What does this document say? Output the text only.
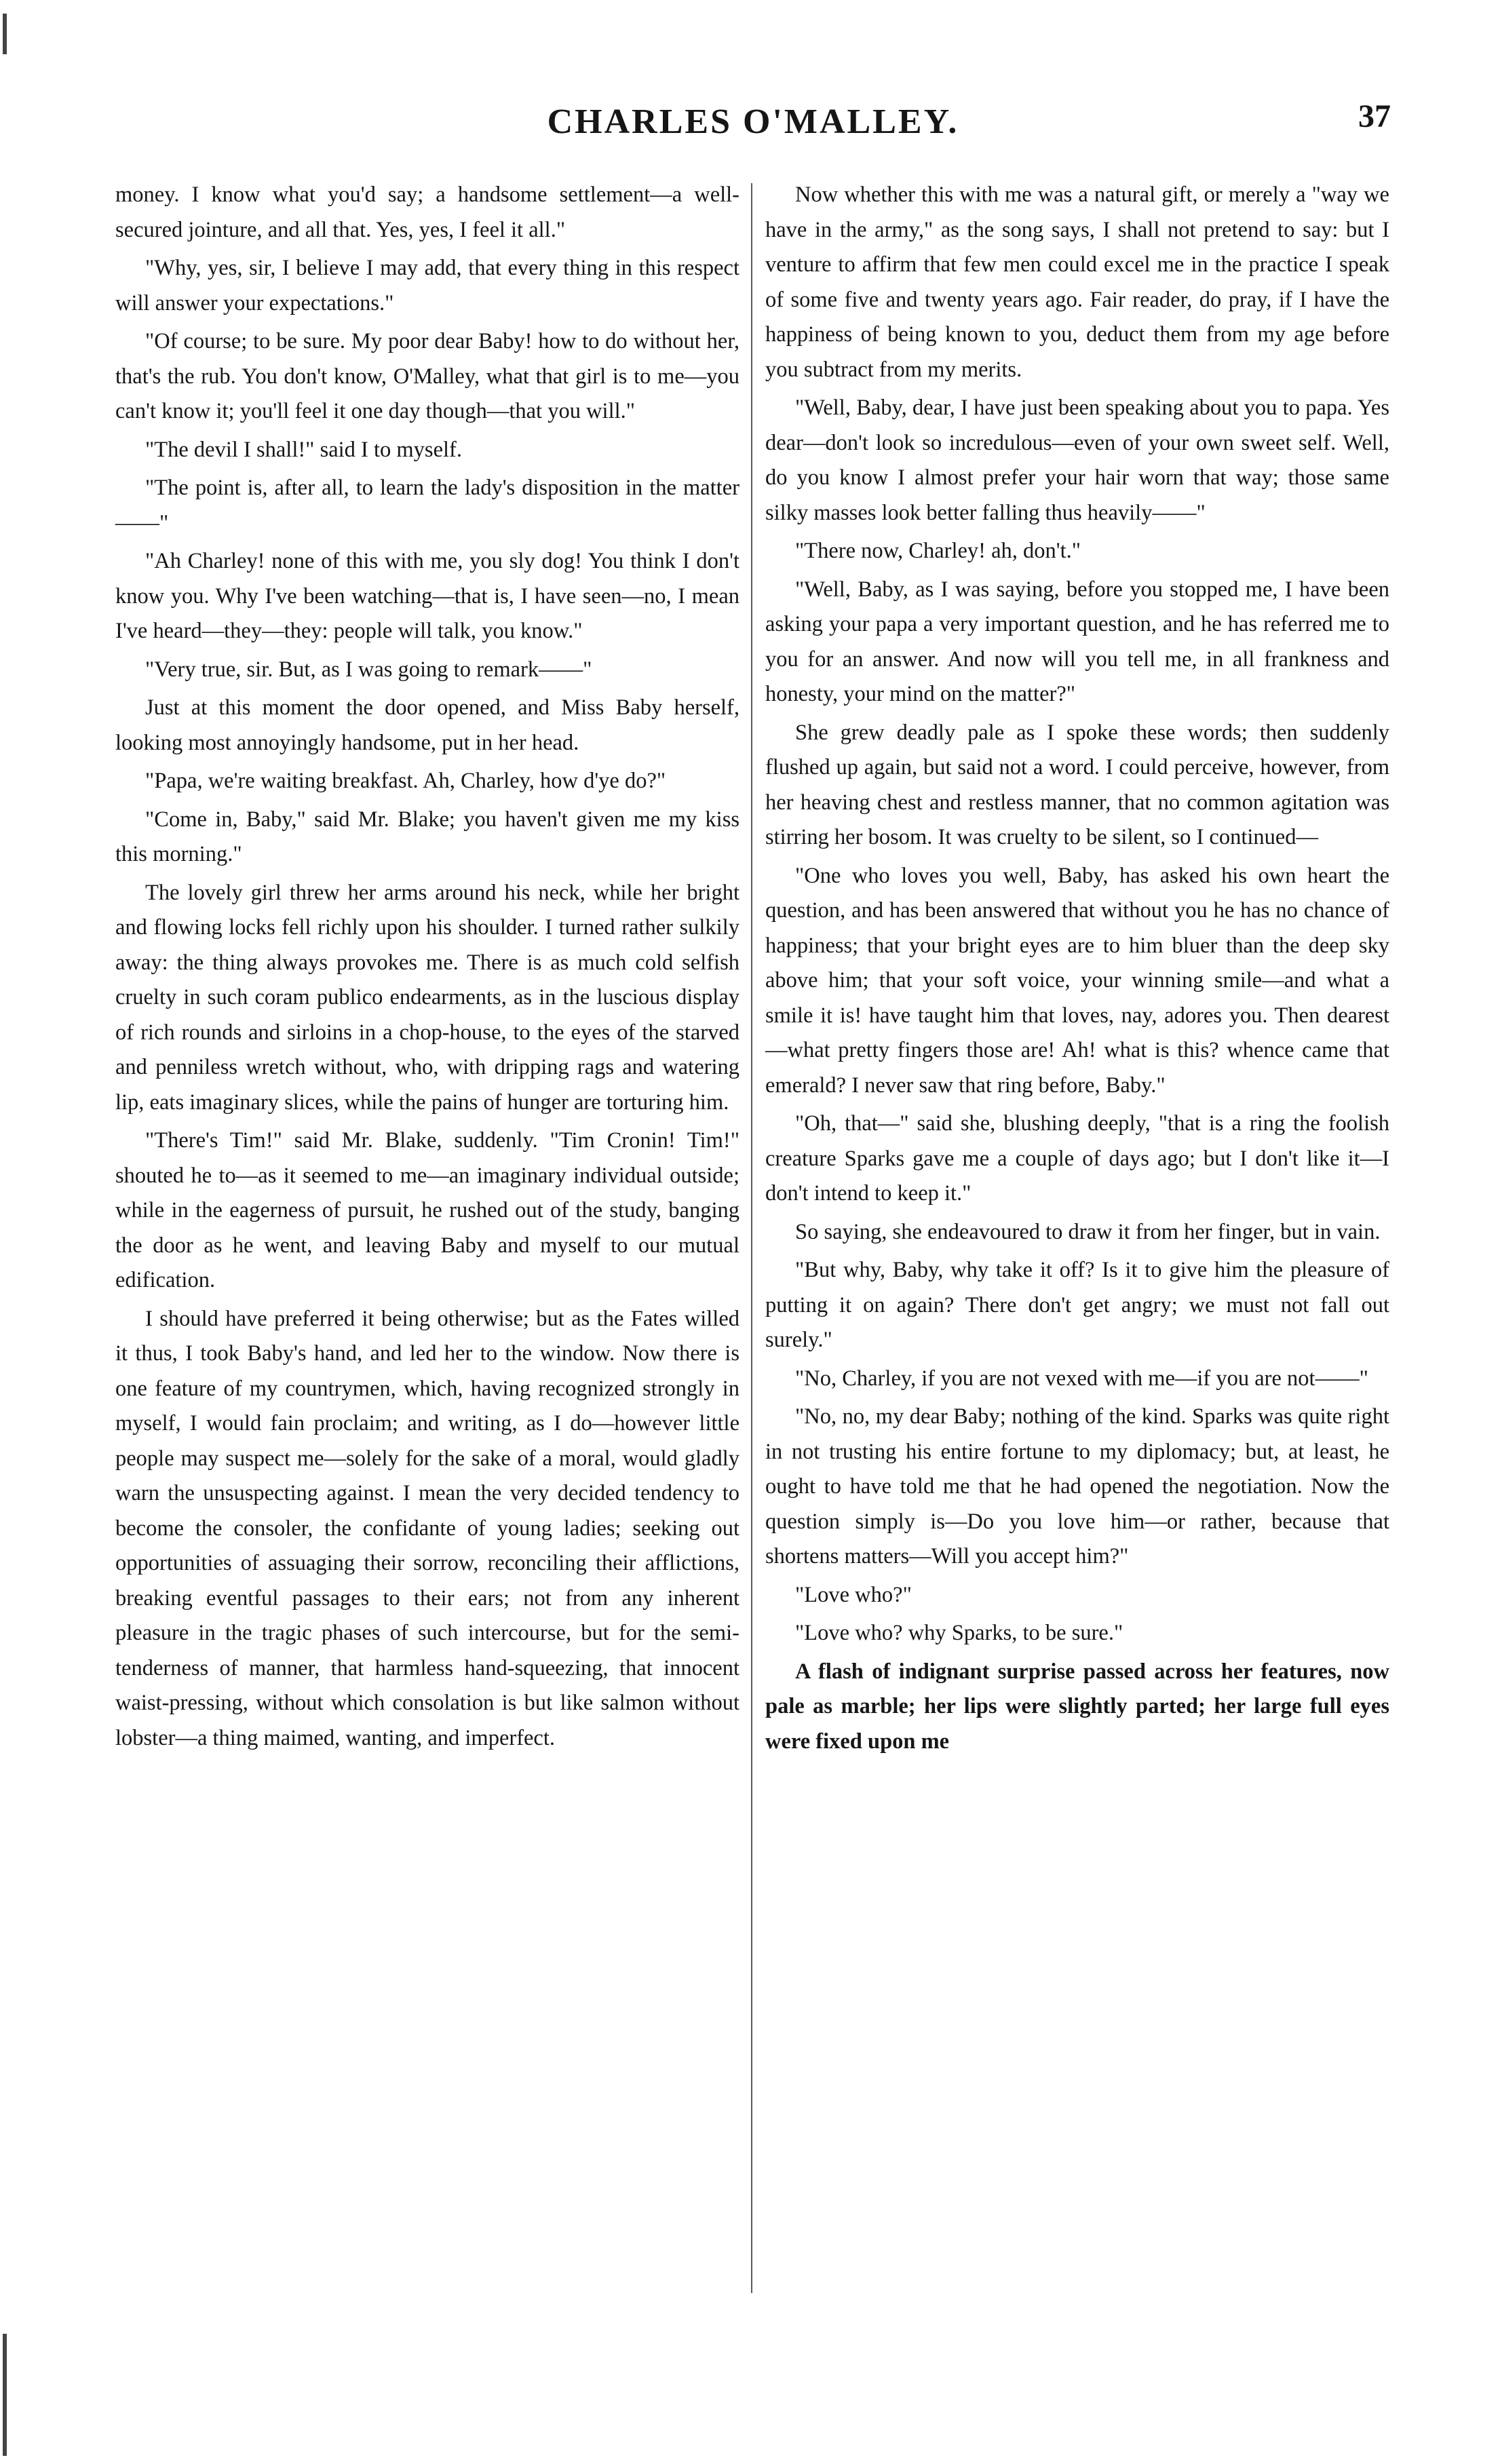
CHARLES O'MALLEY.	37

money. I know what you'd say; a handsome settlement—a well-secured jointure, and all that. Yes, yes, I feel it all."

"Why, yes, sir, I believe I may add, that every thing in this respect will answer your expectations."

"Of course; to be sure. My poor dear Baby! how to do without her, that's the rub. You don't know, O'Malley, what that girl is to me—you can't know it; you'll feel it one day though—that you will."

"The devil I shall!" said I to myself.

"The point is, after all, to learn the lady's disposition in the matter——"

"Ah Charley! none of this with me, you sly dog! You think I don't know you. Why I've been watching—that is, I have seen—no, I mean I've heard—they—they: people will talk, you know."

"Very true, sir. But, as I was going to remark——"

Just at this moment the door opened, and Miss Baby herself, looking most annoyingly handsome, put in her head.

"Papa, we're waiting breakfast. Ah, Charley, how d'ye do?"

"Come in, Baby," said Mr. Blake; you haven't given me my kiss this morning."

The lovely girl threw her arms around his neck, while her bright and flowing locks fell richly upon his shoulder. I turned rather sulkily away: the thing always provokes me. There is as much cold selfish cruelty in such coram publico endearments, as in the luscious display of rich rounds and sirloins in a chop-house, to the eyes of the starved and penniless wretch without, who, with dripping rags and watering lip, eats imaginary slices, while the pains of hunger are torturing him.

"There's Tim!" said Mr. Blake, suddenly. "Tim Cronin! Tim!" shouted he to—as it seemed to me—an imaginary individual outside; while in the eagerness of pursuit, he rushed out of the study, banging the door as he went, and leaving Baby and myself to our mutual edification.

I should have preferred it being otherwise; but as the Fates willed it thus, I took Baby's hand, and led her to the window. Now there is one feature of my countrymen, which, having recognized strongly in myself, I would fain proclaim; and writing, as I do—however little people may suspect me—solely for the sake of a moral, would gladly warn the unsuspecting against. I mean the very decided tendency to become the consoler, the confidante of young ladies; seeking out opportunities of assuaging their sorrow, reconciling their afflictions, breaking eventful passages to their ears; not from any inherent pleasure in the tragic phases of such intercourse, but for the semi-tenderness of manner, that harmless hand-squeezing, that innocent waist-pressing, without which consolation is but like salmon without lobster—a thing maimed, wanting, and imperfect.

Now whether this with me was a natural gift, or merely a "way we have in the army," as the song says, I shall not pretend to say: but I venture to affirm that few men could excel me in the practice I speak of some five and twenty years ago. Fair reader, do pray, if I have the happiness of being known to you, deduct them from my age before you subtract from my merits.

"Well, Baby, dear, I have just been speaking about you to papa. Yes dear—don't look so incredulous—even of your own sweet self. Well, do you know I almost prefer your hair worn that way; those same silky masses look better falling thus heavily——"

"There now, Charley! ah, don't."

"Well, Baby, as I was saying, before you stopped me, I have been asking your papa a very important question, and he has referred me to you for an answer. And now will you tell me, in all frankness and honesty, your mind on the matter?"

She grew deadly pale as I spoke these words; then suddenly flushed up again, but said not a word. I could perceive, however, from her heaving chest and restless manner, that no common agitation was stirring her bosom. It was cruelty to be silent, so I continued—

"One who loves you well, Baby, has asked his own heart the question, and has been answered that without you he has no chance of happiness; that your bright eyes are to him bluer than the deep sky above him; that your soft voice, your winning smile—and what a smile it is! have taught him that loves, nay, adores you. Then dearest—what pretty fingers those are! Ah! what is this? whence came that emerald? I never saw that ring before, Baby."

"Oh, that—" said she, blushing deeply, "that is a ring the foolish creature Sparks gave me a couple of days ago; but I don't like it—I don't intend to keep it."

So saying, she endeavoured to draw it from her finger, but in vain.

"But why, Baby, why take it off? Is it to give him the pleasure of putting it on again? There don't get angry; we must not fall out surely."

"No, Charley, if you are not vexed with me—if you are not——"

"No, no, my dear Baby; nothing of the kind. Sparks was quite right in not trusting his entire fortune to my diplomacy; but, at least, he ought to have told me that he had opened the negotiation. Now the question simply is—Do you love him—or rather, because that shortens matters—Will you accept him?"

"Love who?"

"Love who? why Sparks, to be sure."

A flash of indignant surprise passed across her features, now pale as marble; her lips were slightly parted; her large full eyes were fixed upon me
